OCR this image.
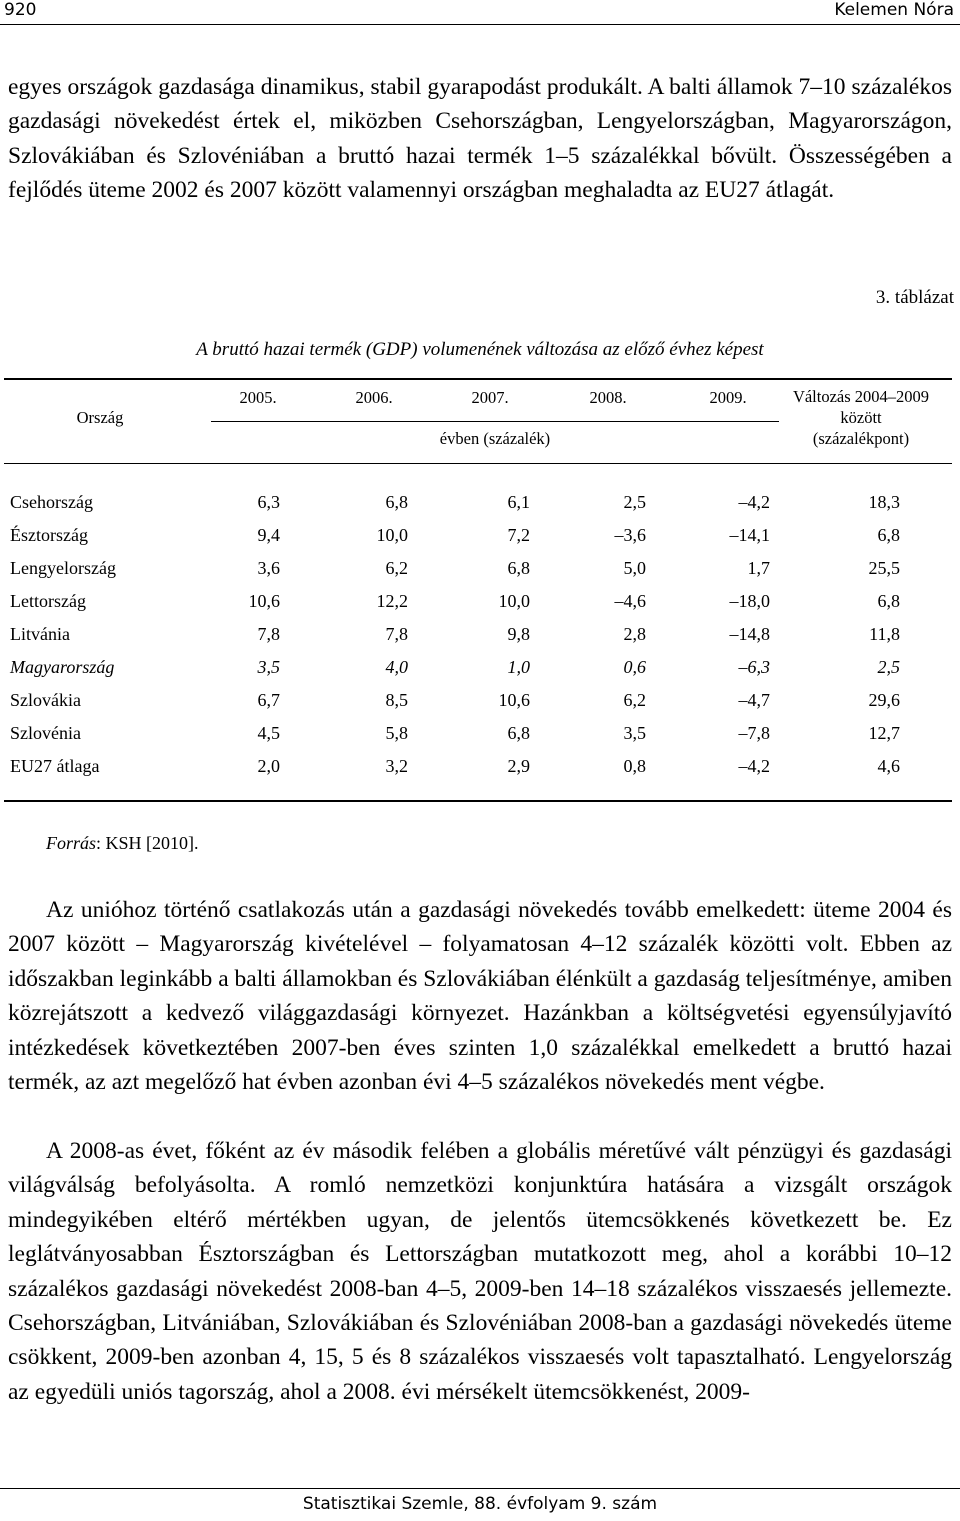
920	Kelemen Nóra

egyes országok gazdasága dinamikus, stabil gyarapodást produkált. A balti államok 7–10 százalékos gazdasági növekedést értek el, miközben Csehországban, Lengyelországban, Magyarországon, Szlovákiában és Szlovéniában a bruttó hazai termék 1–5 százalékkal bővült. Összességében a fejlődés üteme 2002 és 2007 között valamennyi országban meghaladta az EU27 átlagát.

3. táblázat
A bruttó hazai termék (GDP) volumenének változása az előző évhez képest
Ország
2005.	2006.	2007.	2008.	2009.
évben (százalék)
Változás 2004–2009
között
(százalékpont)
Csehország	6,3	6,8	6,1	2,5	–4,2	18,3
Észtország	9,4	10,0	7,2	–3,6	–14,1	6,8
Lengyelország	3,6	6,2	6,8	5,0	1,7	25,5
Lettország	10,6	12,2	10,0	–4,6	–18,0	6,8
Litvánia	7,8	7,8	9,8	2,8	–14,8	11,8
Magyarország	3,5	4,0	1,0	0,6	–6,3	2,5
Szlovákia	6,7	8,5	10,6	6,2	–4,7	29,6
Szlovénia	4,5	5,8	6,8	3,5	–7,8	12,7
EU27 átlaga	2,0	3,2	2,9	0,8	–4,2	4,6
Forrás: KSH [2010].

Az unióhoz történő csatlakozás után a gazdasági növekedés tovább emelkedett: üteme 2004 és 2007 között – Magyarország kivételével – folyamatosan 4–12 százalék közötti volt. Ebben az időszakban leginkább a balti államokban és Szlovákiában élénkült a gazdaság teljesítménye, amiben közrejátszott a kedvező világgazdasági környezet. Hazánkban a költségvetési egyensúlyjavító intézkedések következtében 2007-ben éves szinten 1,0 százalékkal emelkedett a bruttó hazai termék, az azt megelőző hat évben azonban évi 4–5 százalékos növekedés ment végbe.

A 2008-as évet, főként az év második felében a globális méretűvé vált pénzügyi és gazdasági világválság befolyásolta. A romló nemzetközi konjunktúra hatására a vizsgált országok mindegyikében eltérő mértékben ugyan, de jelentős ütemcsökkenés következett be. Ez leglátványosabban Észtországban és Lettországban mutatkozott meg, ahol a korábbi 10–12 százalékos gazdasági növekedést 2008-ban 4–5, 2009-ben 14–18 százalékos visszaesés jellemezte. Csehországban, Litvániában, Szlovákiában és Szlovéniában 2008-ban a gazdasági növekedés üteme csökkent, 2009-ben azonban 4, 15, 5 és 8 százalékos visszaesés volt tapasztalható. Lengyelország az egyedüli uniós tagország, ahol a 2008. évi mérsékelt ütemcsökkenést, 2009-

Statisztikai Szemle, 88. évfolyam 9. szám
